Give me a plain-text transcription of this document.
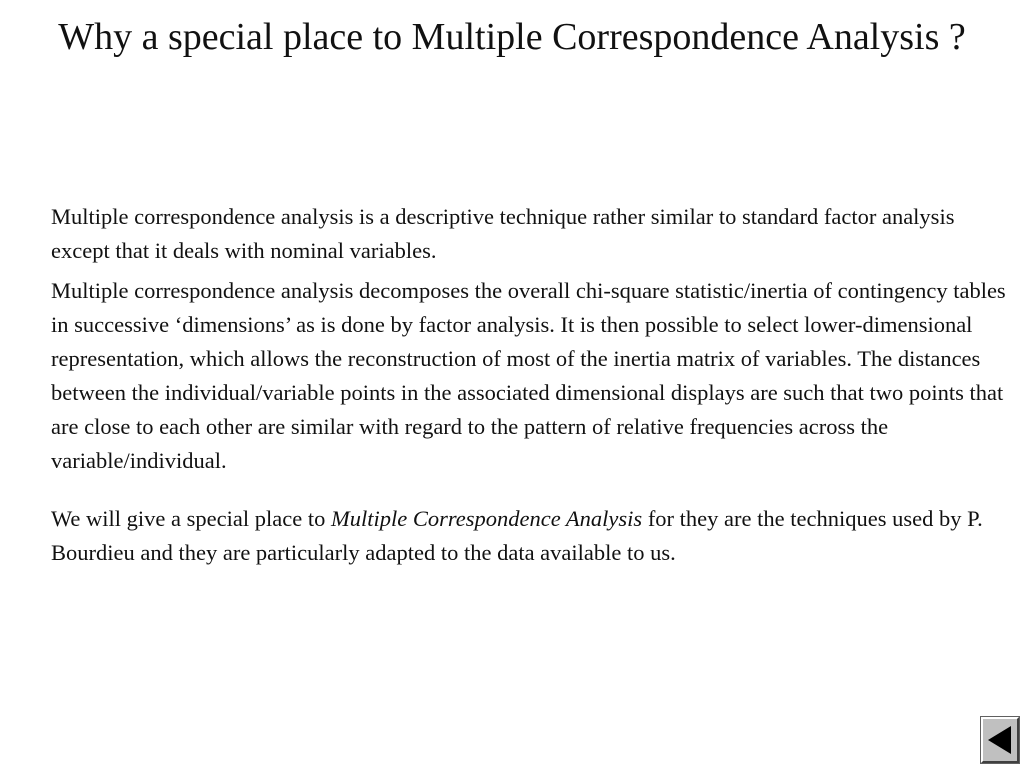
Why a special place to Multiple Correspondence Analysis ?

Multiple correspondence analysis is a descriptive technique rather similar to standard factor analysis except that it deals with nominal variables.

Multiple correspondence analysis decomposes the overall chi-square statistic/inertia of contingency tables in successive ‘dimensions’ as is done by factor analysis. It is then possible to select lower-dimensional representation, which allows the reconstruction of most of the inertia matrix of variables. The distances between the individual/variable points in the associated dimensional displays are such that two points that are close to each other are similar with regard to the pattern of relative frequencies across the variable/individual.

We will give a special place to Multiple Correspondence Analysis for they are the techniques used by P. Bourdieu and they are particularly adapted to the data available to us.
